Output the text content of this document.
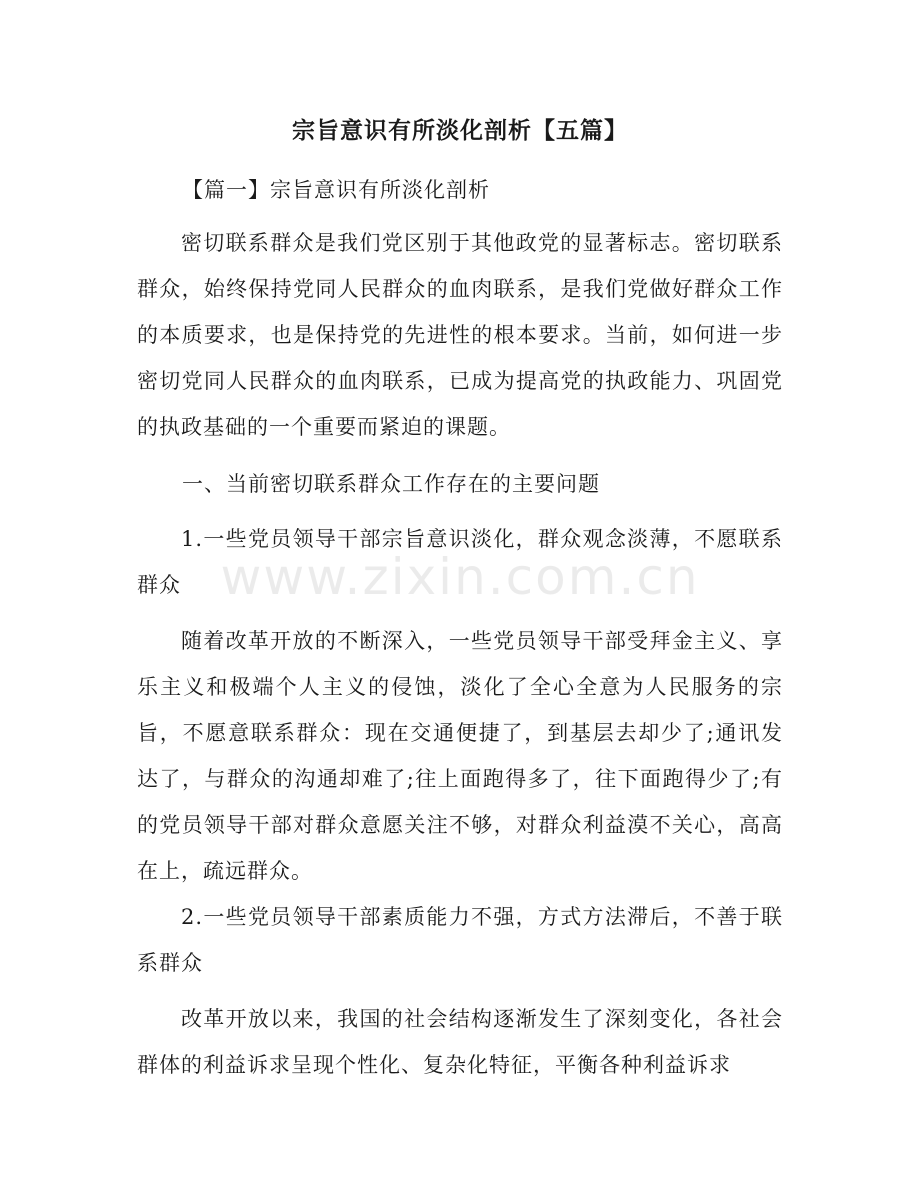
宗旨意识有所淡化剖析【五篇】
【篇一】宗旨意识有所淡化剖析
密切联系群众是我们党区别于其他政党的显著标志。密切联系群众，始终保持党同人民群众的血肉联系，是我们党做好群众工作的本质要求，也是保持党的先进性的根本要求。当前，如何进一步密切党同人民群众的血肉联系，已成为提高党的执政能力、巩固党的执政基础的一个重要而紧迫的课题。
一、当前密切联系群众工作存在的主要问题
1.一些党员领导干部宗旨意识淡化，群众观念淡薄，不愿联系群众
随着改革开放的不断深入，一些党员领导干部受拜金主义、享乐主义和极端个人主义的侵蚀，淡化了全心全意为人民服务的宗旨，不愿意联系群众：现在交通便捷了，到基层去却少了;通讯发达了，与群众的沟通却难了;往上面跑得多了，往下面跑得少了;有的党员领导干部对群众意愿关注不够，对群众利益漠不关心，高高在上，疏远群众。
2.一些党员领导干部素质能力不强，方式方法滞后，不善于联系群众
改革开放以来，我国的社会结构逐渐发生了深刻变化，各社会群体的利益诉求呈现个性化、复杂化特征，平衡各种利益诉求
www.zixin.com.cn
